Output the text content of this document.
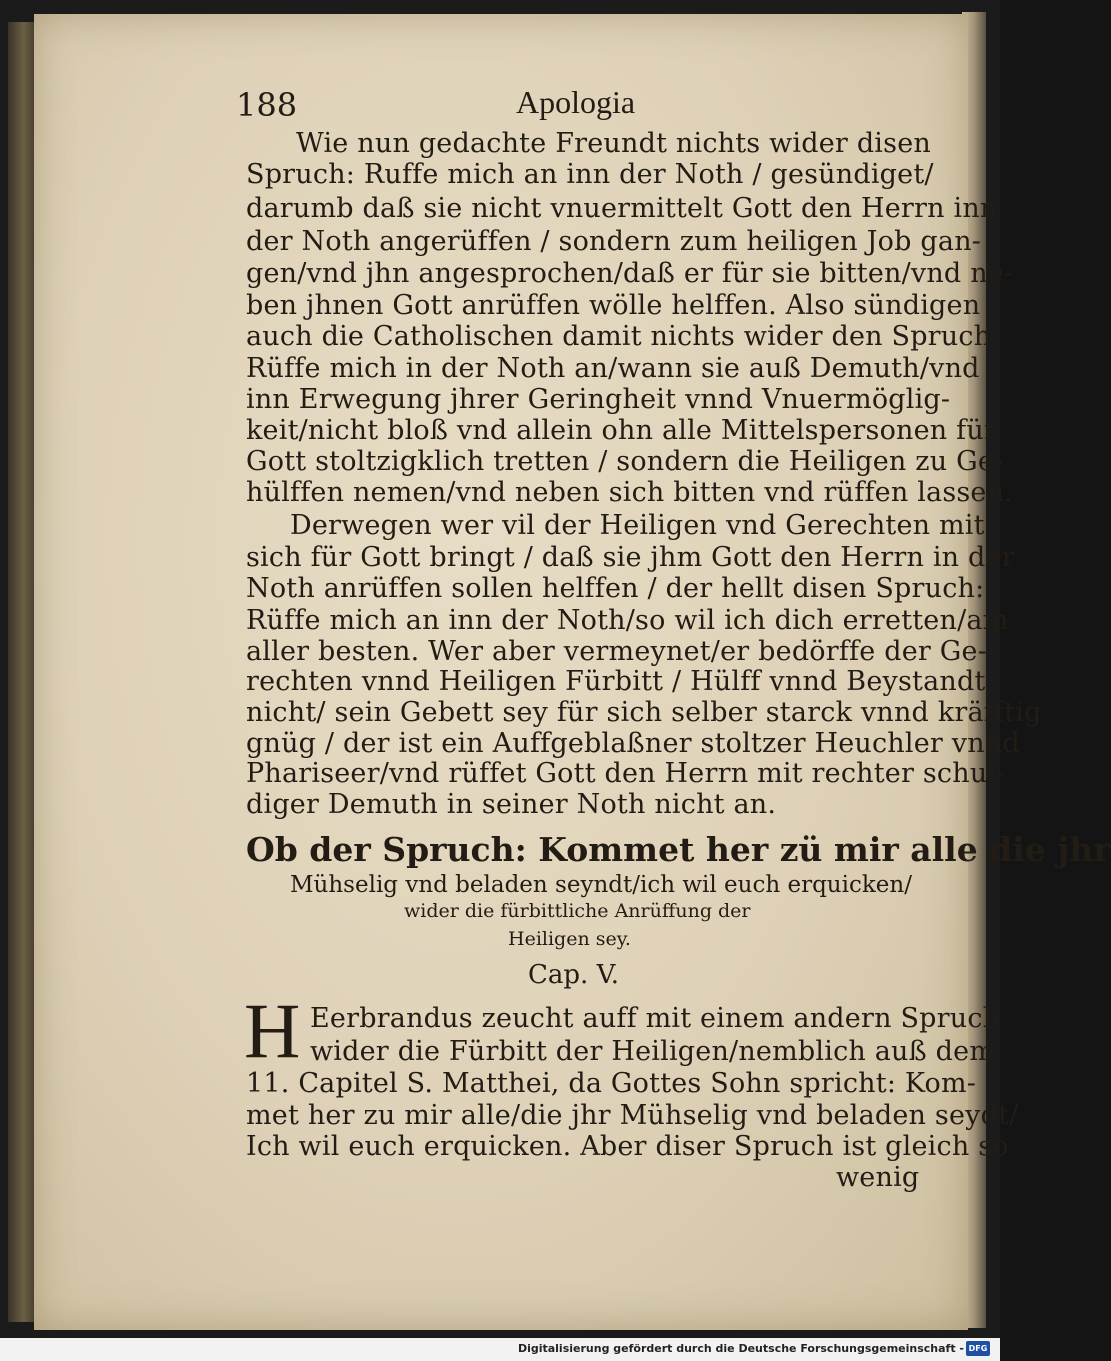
188	Apologia
Wie nun gedachte Freundt nichts wider disen
Spruch: Ruffe mich an inn der Noth / gesündiget/
darumb daß sie nicht vnuermittelt Gott den Herrn inn
der Noth angerüffen / sondern zum heiligen Job gan-
gen/vnd jhn angesprochen/daß er für sie bitten/vnd ne-
ben jhnen Gott anrüffen wölle helffen. Also sündigen
auch die Catholischen damit nichts wider den Spruch:
Rüffe mich in der Noth an/wann sie auß Demuth/vnd
inn Erwegung jhrer Geringheit vnnd Vnuermöglig-
keit/nicht bloß vnd allein ohn alle Mittelspersonen für
Gott stoltzigklich tretten / sondern die Heiligen zu Ge-
hülffen nemen/vnd neben sich bitten vnd rüffen lassen.
Derwegen wer vil der Heiligen vnd Gerechten mit
sich für Gott bringt / daß sie jhm Gott den Herrn in der
Noth anrüffen sollen helffen / der hellt disen Spruch:
Rüffe mich an inn der Noth/so wil ich dich erretten/am
aller besten. Wer aber vermeynet/er bedörffe der Ge-
rechten vnnd Heiligen Fürbitt / Hülff vnnd Beystandt
nicht/ sein Gebett sey für sich selber starck vnnd kräfftig
gnüg / der ist ein Auffgeblaßner stoltzer Heuchler vnnd
Phariseer/vnd rüffet Gott den Herrn mit rechter schul-
diger Demuth in seiner Noth nicht an.
Ob der Spruch: Kommet her zü mir alle die jhr
Mühselig vnd beladen seyndt/ich wil euch erquicken/
wider die fürbittliche Anrüffung der
Heiligen sey.
Cap. V.
H Eerbrandus zeucht auff mit einem andern Spruch
wider die Fürbitt der Heiligen/nemblich auß dem
11. Capitel S. Matthei, da Gottes Sohn spricht: Kom-
met her zu mir alle/die jhr Mühselig vnd beladen seydt/
Ich wil euch erquicken. Aber diser Spruch ist gleich so
wenig
Digitalisierung gefördert durch die Deutsche Forschungsgemeinschaft - DFG
